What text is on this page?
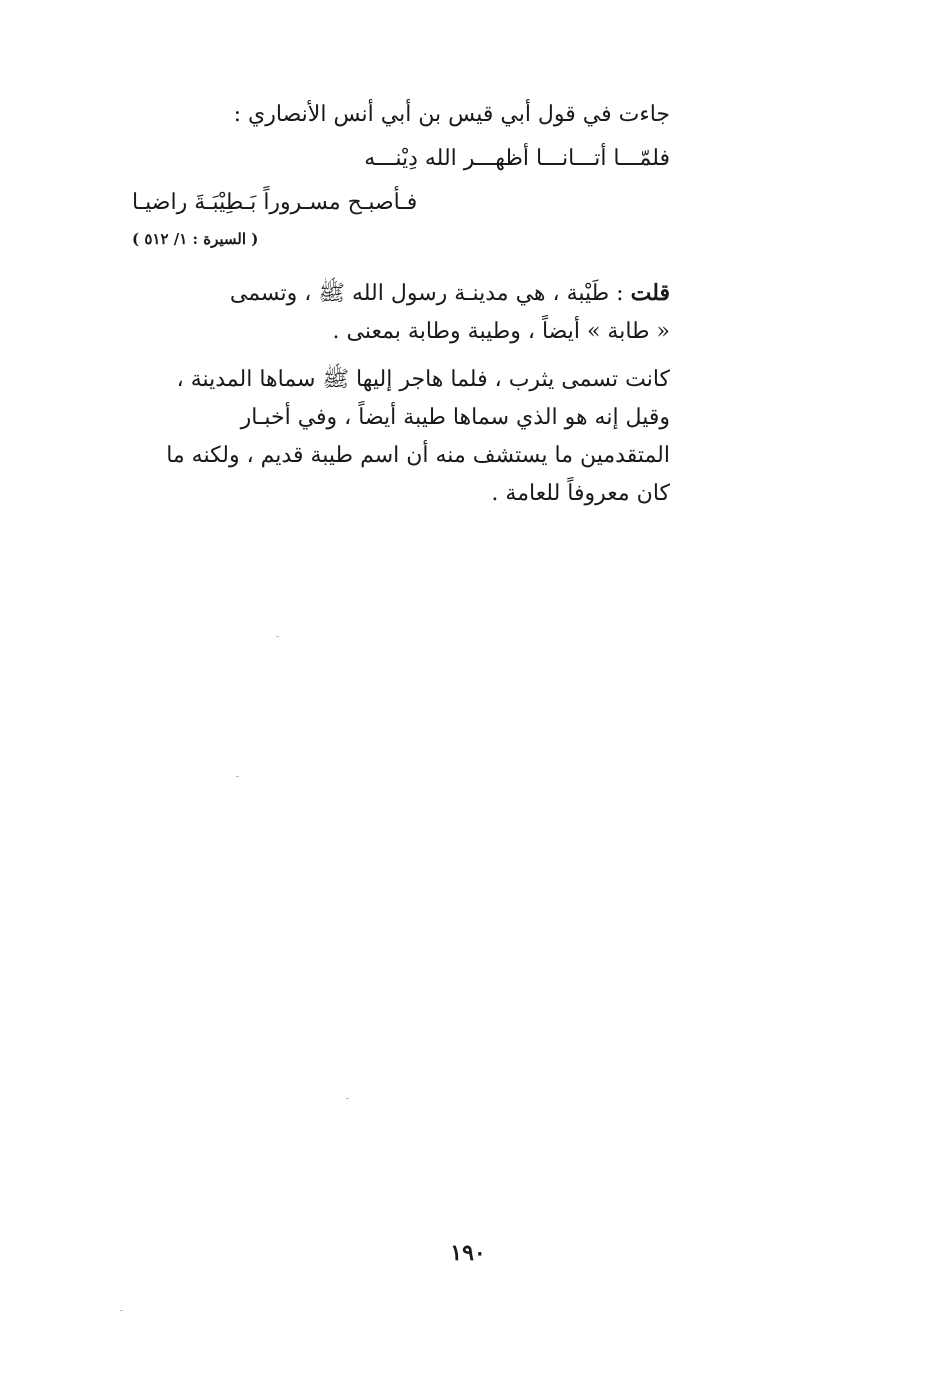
جاءت في قول أبي قيس بن أبي أنس الأنصاري :
فلمّـــا أتـــانـــا أظهـــر الله دِيْنـــه
فـأصبـح مسـروراً بَـطِيْبَـةَ راضيـا
( السيرة : ١/ ٥١٢ )
قلت : طَيْبة ، هي مدينـة رسول الله ﷺ ، وتسمى
« طابة » أيضاً ، وطيبة وطابة بمعنى .
كانت تسمى يثرب ، فلما هاجر إليها ﷺ سماها المدينة ،
وقيل إنه هو الذي سماها طيبة أيضاً ، وفي أخبـار
المتقدمين ما يستشف منه أن اسم طيبة قديم ، ولكنه ما
كان معروفاً للعامة .
١٩٠
